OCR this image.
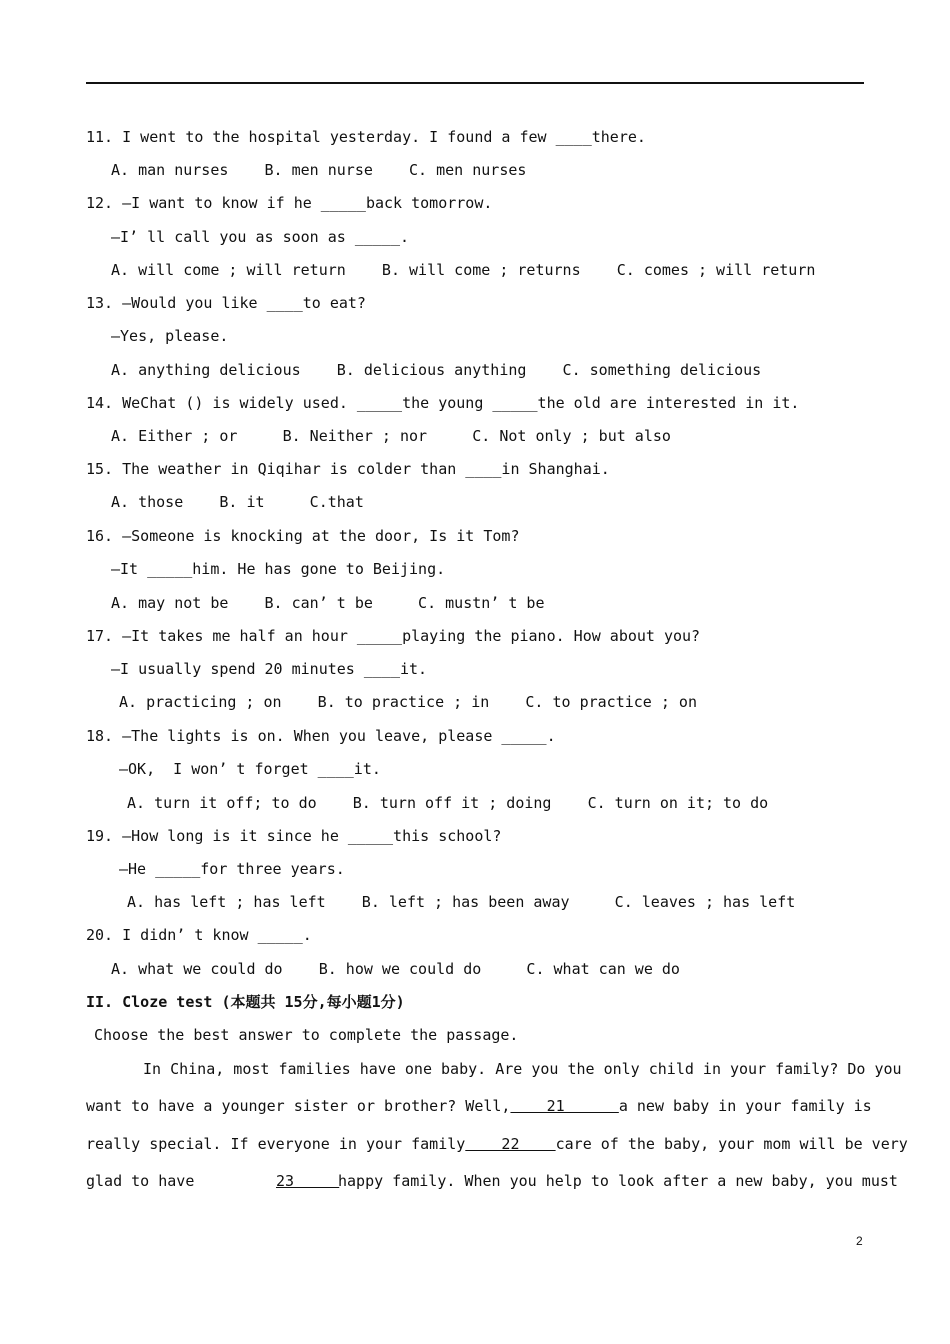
11. I went to the hospital yesterday. I found a few ____there.
A. man nurses    B. men nurse    C. men nurses
12. —I want to know if he _____back tomorrow.
—I’ ll call you as soon as _____.
A. will come ; will return    B. will come ; returns    C. comes ; will return
13. —Would you like ____to eat?
—Yes, please.
A. anything delicious    B. delicious anything    C. something delicious
14. WeChat () is widely used. _____the young _____the old are interested in it.
A. Either ; or     B. Neither ; nor     C. Not only ; but also
15. The weather in Qiqihar is colder than ____in Shanghai.
A. those    B. it     C.that
16. —Someone is knocking at the door, Is it Tom?
—It _____him. He has gone to Beijing.
A. may not be    B. can’ t be     C. mustn’ t be
17. —It takes me half an hour _____playing the piano. How about you?
—I usually spend 20 minutes ____it.
A. practicing ; on    B. to practice ; in    C. to practice ; on
18. —The lights is on. When you leave, please _____.
—OK,  I won’ t forget ____it.
A. turn it off; to do    B. turn off it ; doing    C. turn on it; to do
19. —How long is it since he _____this school?
—He _____for three years.
A. has left ; has left    B. left ; has been away     C. leaves ; has left
20. I didn’ t know _____.
A. what we could do    B. how we could do     C. what can we do
II. Cloze test (本题共 15分,每小题1分)
Choose the best answer to complete the passage.
In China, most families have one baby. Are you the only child in your family? Do you
want to have a younger sister or brother? Well, 21 a new baby in your family is
really special. If everyone in your family 22 care of the baby, your mom will be very
glad to have	23
happy family. When you help to look after a new baby, you must
2
